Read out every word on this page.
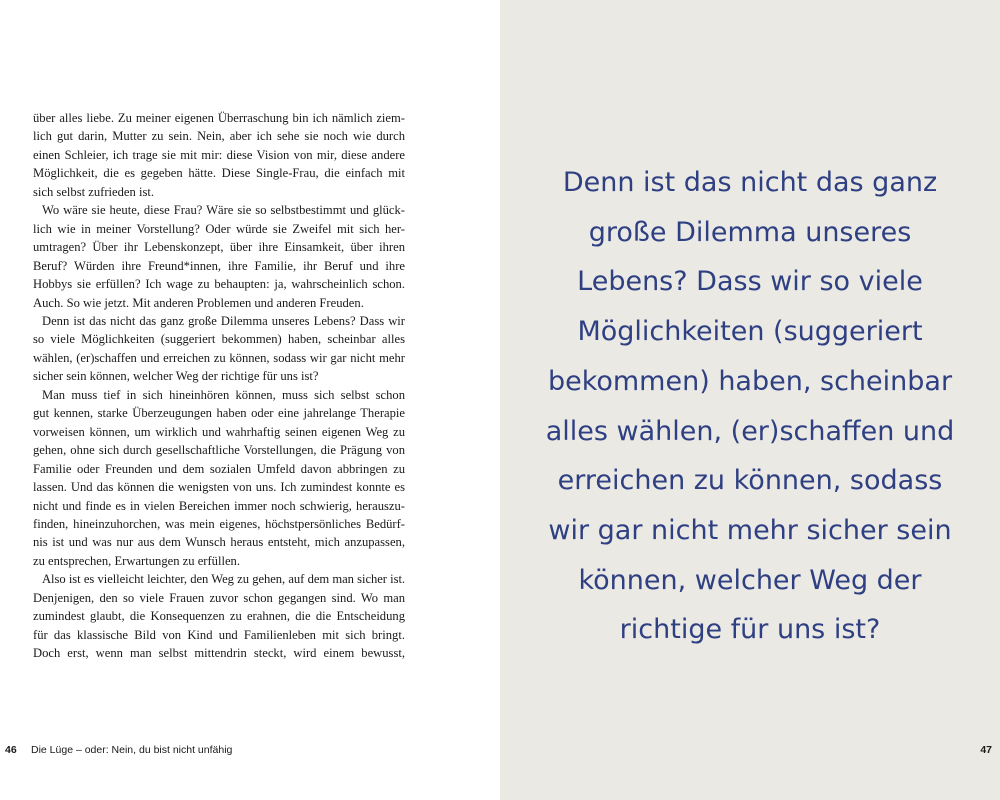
über alles liebe. Zu meiner eigenen Überraschung bin ich nämlich ziem-
lich gut darin, Mutter zu sein. Nein, aber ich sehe sie noch wie durch
einen Schleier, ich trage sie mit mir: diese Vision von mir, diese andere
Möglichkeit, die es gegeben hätte. Diese Single-Frau, die einfach mit
sich selbst zufrieden ist.
Wo wäre sie heute, diese Frau? Wäre sie so selbstbestimmt und glück-
lich wie in meiner Vorstellung? Oder würde sie Zweifel mit sich her-
umtragen? Über ihr Lebenskonzept, über ihre Einsamkeit, über ihren
Beruf? Würden ihre Freund*innen, ihre Familie, ihr Beruf und ihre
Hobbys sie erfüllen? Ich wage zu behaupten: ja, wahrscheinlich schon.
Auch. So wie jetzt. Mit anderen Problemen und anderen Freuden.
Denn ist das nicht das ganz große Dilemma unseres Lebens? Dass wir
so viele Möglichkeiten (suggeriert bekommen) haben, scheinbar alles
wählen, (er)schaffen und erreichen zu können, sodass wir gar nicht mehr
sicher sein können, welcher Weg der richtige für uns ist?
Man muss tief in sich hineinhören können, muss sich selbst schon
gut kennen, starke Überzeugungen haben oder eine jahrelange Therapie
vorweisen können, um wirklich und wahrhaftig seinen eigenen Weg zu
gehen, ohne sich durch gesellschaftliche Vorstellungen, die Prägung von
Familie oder Freunden und dem sozialen Umfeld davon abbringen zu
lassen. Und das können die wenigsten von uns. Ich zumindest konnte es
nicht und finde es in vielen Bereichen immer noch schwierig, herauszu-
finden, hineinzuhorchen, was mein eigenes, höchstpersönliches Bedürf-
nis ist und was nur aus dem Wunsch heraus entsteht, mich anzupassen,
zu entsprechen, Erwartungen zu erfüllen.
Also ist es vielleicht leichter, den Weg zu gehen, auf dem man sicher ist.
Denjenigen, den so viele Frauen zuvor schon gegangen sind. Wo man
zumindest glaubt, die Konsequenzen zu erahnen, die die Entscheidung
für das klassische Bild von Kind und Familienleben mit sich bringt.
Doch erst, wenn man selbst mittendrin steckt, wird einem bewusst,
46 Die Lüge – oder: Nein, du bist nicht unfähig
Denn ist das nicht das ganz
große Dilemma unseres
Lebens? Dass wir so viele
Möglichkeiten (suggeriert
bekommen) haben, scheinbar
alles wählen, (er)schaffen und
erreichen zu können, sodass
wir gar nicht mehr sicher sein
können, welcher Weg der
richtige für uns ist?
47
